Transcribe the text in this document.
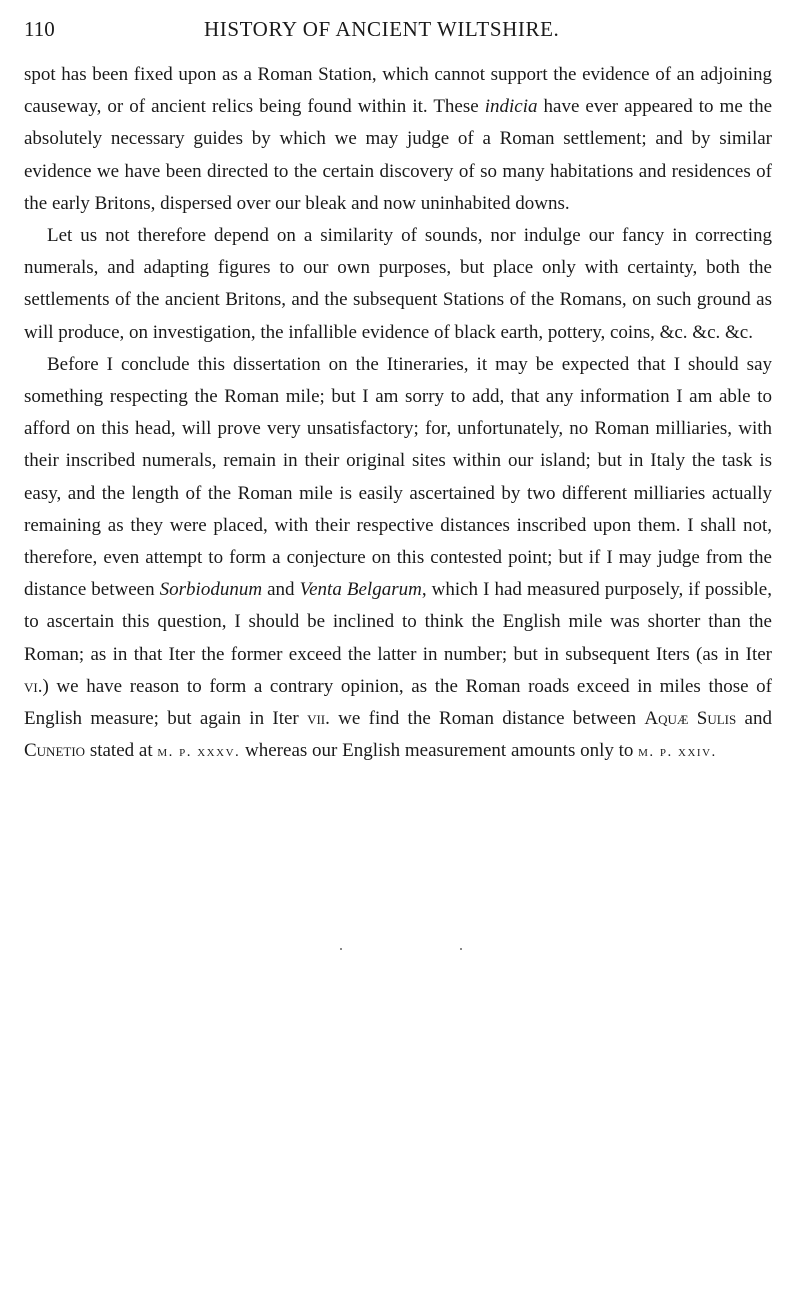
110	HISTORY OF ANCIENT WILTSHIRE.

spot has been fixed upon as a Roman Station, which cannot support the evidence of an adjoining causeway, or of ancient relics being found within it. These indicia have ever appeared to me the absolutely necessary guides by which we may judge of a Roman settlement; and by similar evidence we have been directed to the certain discovery of so many habitations and residences of the early Britons, dispersed over our bleak and now uninhabited downs.

Let us not therefore depend on a similarity of sounds, nor indulge our fancy in correcting numerals, and adapting figures to our own purposes, but place only with certainty, both the settlements of the ancient Britons, and the subsequent Stations of the Romans, on such ground as will produce, on investigation, the infallible evidence of black earth, pottery, coins, &c. &c. &c.

Before I conclude this dissertation on the Itineraries, it may be expected that I should say something respecting the Roman mile; but I am sorry to add, that any information I am able to afford on this head, will prove very unsatisfactory; for, unfortunately, no Roman milliaries, with their inscribed numerals, remain in their original sites within our island; but in Italy the task is easy, and the length of the Roman mile is easily ascertained by two different milliaries actually remaining as they were placed, with their respective distances inscribed upon them. I shall not, therefore, even attempt to form a conjecture on this contested point; but if I may judge from the distance between Sorbiodunum and Venta Belgarum, which I had measured purposely, if possible, to ascertain this question, I should be inclined to think the English mile was shorter than the Roman; as in that Iter the former exceed the latter in number; but in subsequent Iters (as in Iter vi.) we have reason to form a contrary opinion, as the Roman roads exceed in miles those of English measure; but again in Iter vii. we find the Roman distance between Aquæ Sulis and Cunetio stated at m. p. xxxv. whereas our English measurement amounts only to m. p. xxiv.
